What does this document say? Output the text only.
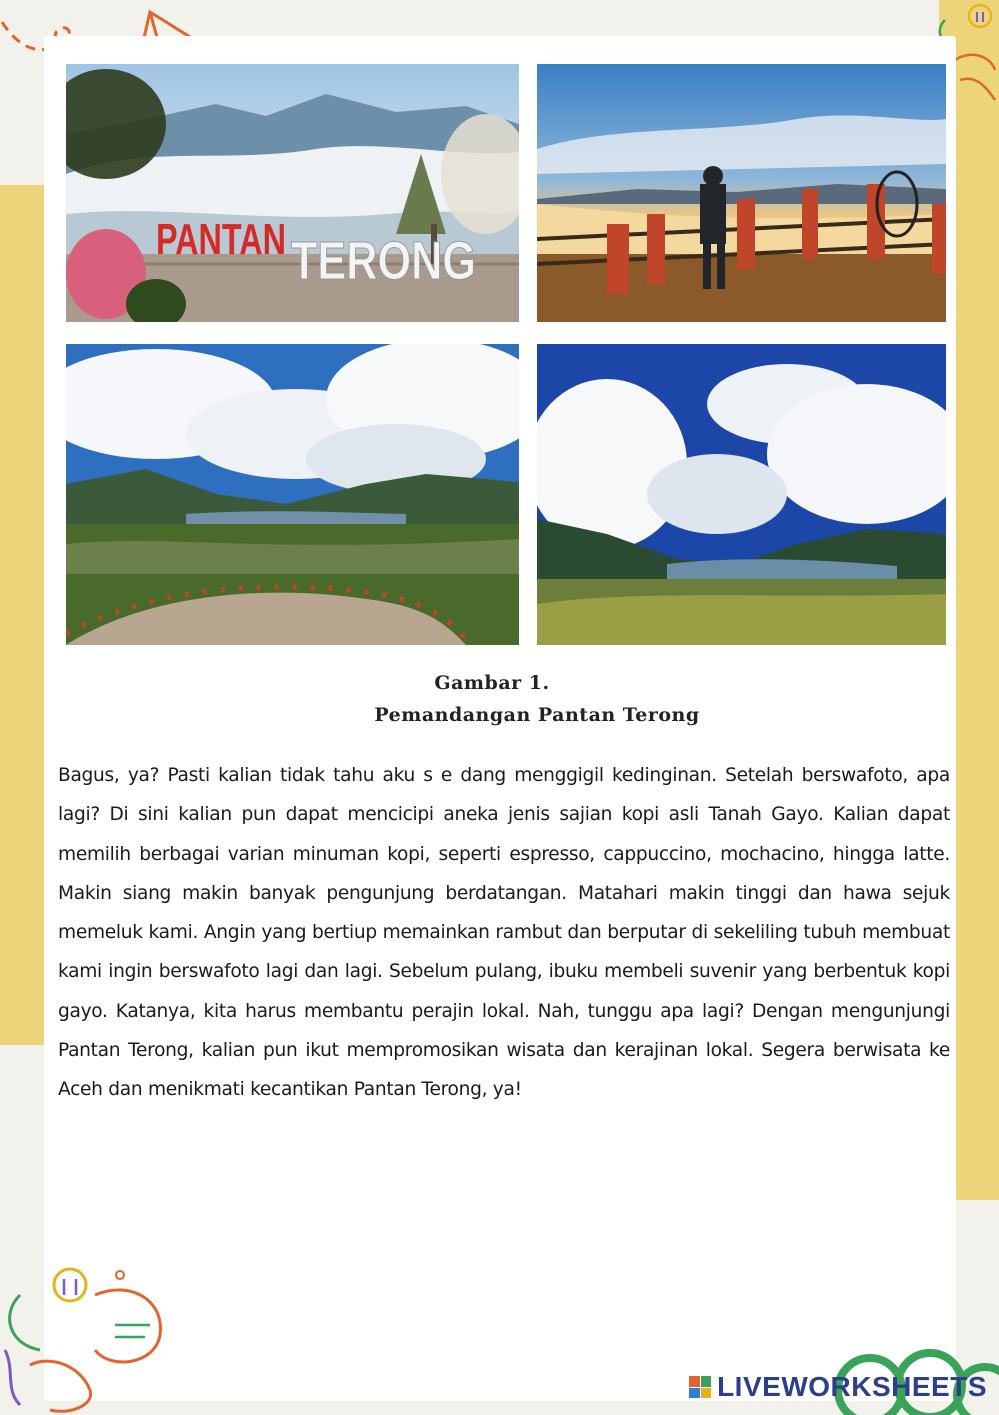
PANTAN TERONG
Gambar 1.
Pemandangan Pantan Terong

Bagus, ya? Pasti kalian tidak tahu aku s e dang menggigil kedinginan. Setelah berswafoto, apa lagi? Di sini kalian pun dapat mencicipi aneka jenis sajian kopi asli Tanah Gayo. Kalian dapat memilih berbagai varian minuman kopi, seperti espresso, cappuccino, mochacino, hingga latte. Makin siang makin banyak pengunjung berdatangan. Matahari makin tinggi dan hawa sejuk memeluk kami. Angin yang bertiup memainkan rambut dan berputar di sekeliling tubuh membuat kami ingin berswafoto lagi dan lagi. Sebelum pulang, ibuku membeli suvenir yang berbentuk kopi gayo. Katanya, kita harus membantu perajin lokal. Nah, tunggu apa lagi? Dengan mengunjungi Pantan Terong, kalian pun ikut mempromosikan wisata dan kerajinan lokal. Segera berwisata ke Aceh dan menikmati kecantikan Pantan Terong, ya!

LIVEWORKSHEETS
